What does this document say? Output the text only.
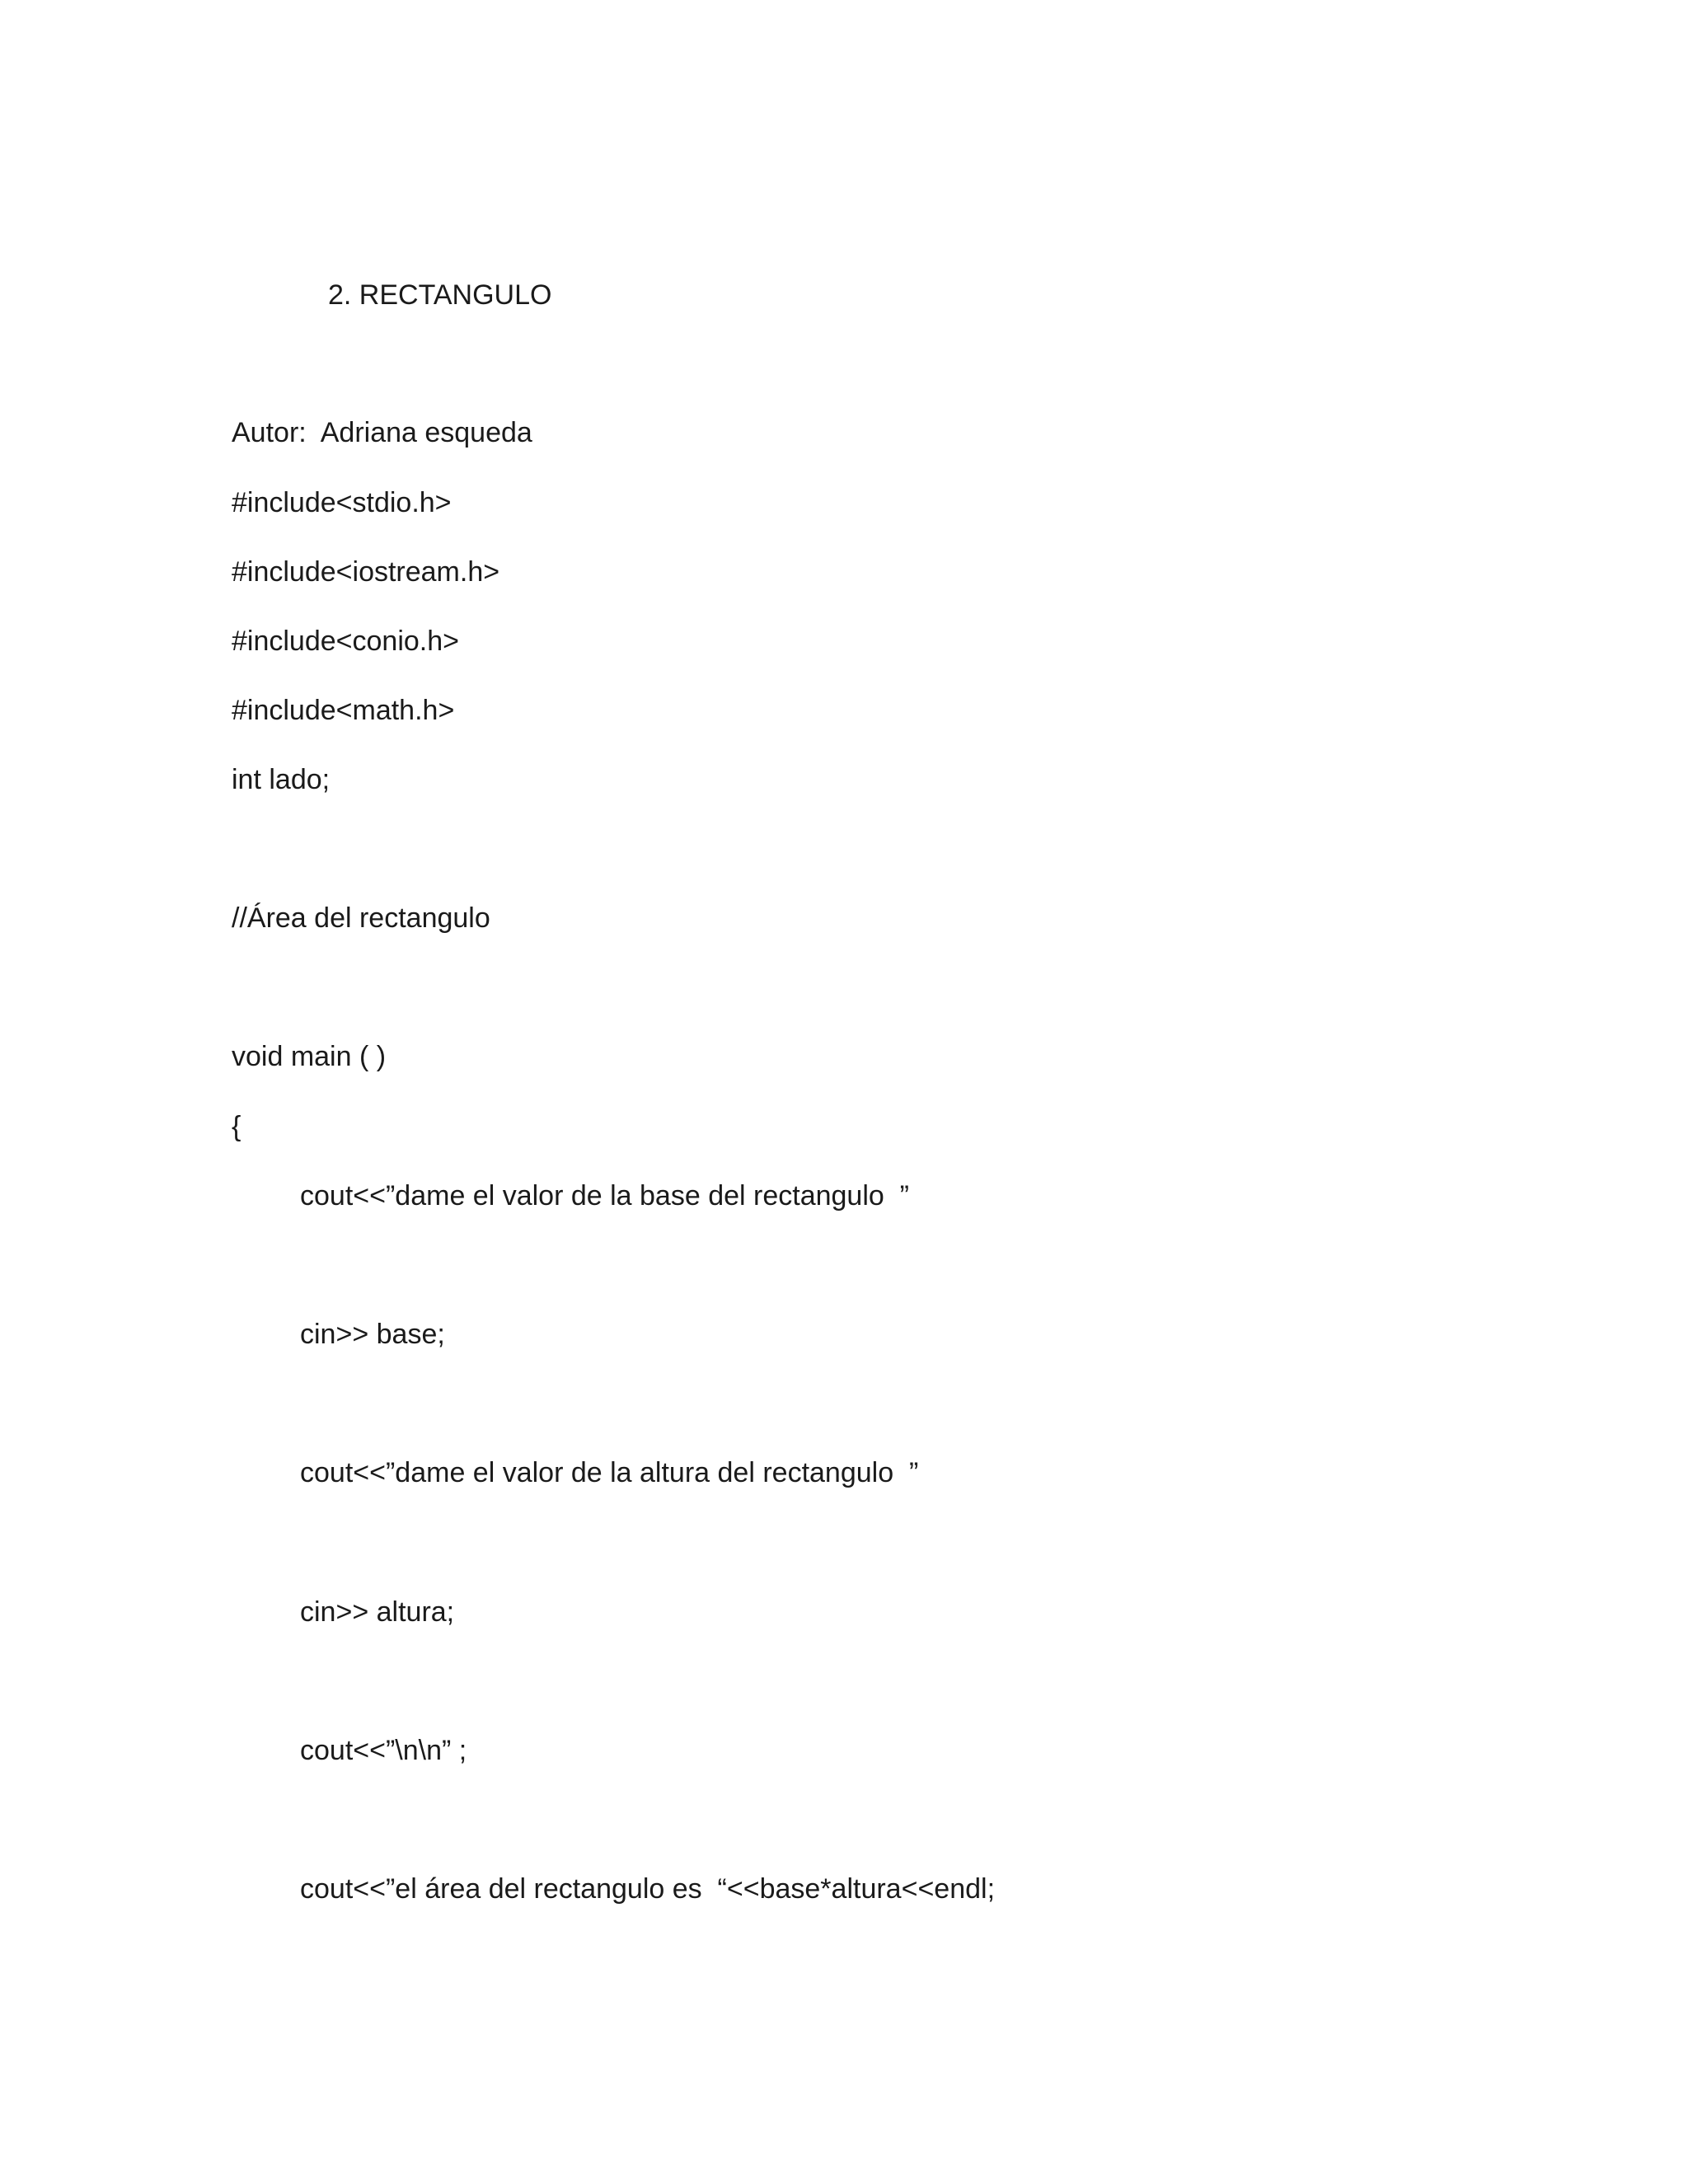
2. RECTANGULO
Autor:  Adriana esqueda
#include<stdio.h>
#include<iostream.h>
#include<conio.h>
#include<math.h>
int lado;
//Área del rectangulo
void main ( )
{
cout<<”dame el valor de la base del rectangulo  ”
cin>> base;
cout<<”dame el valor de la altura del rectangulo  ”
cin>> altura;
cout<<”\n\n” ;
cout<<”el área del rectangulo es  “<<base*altura<<endl;
